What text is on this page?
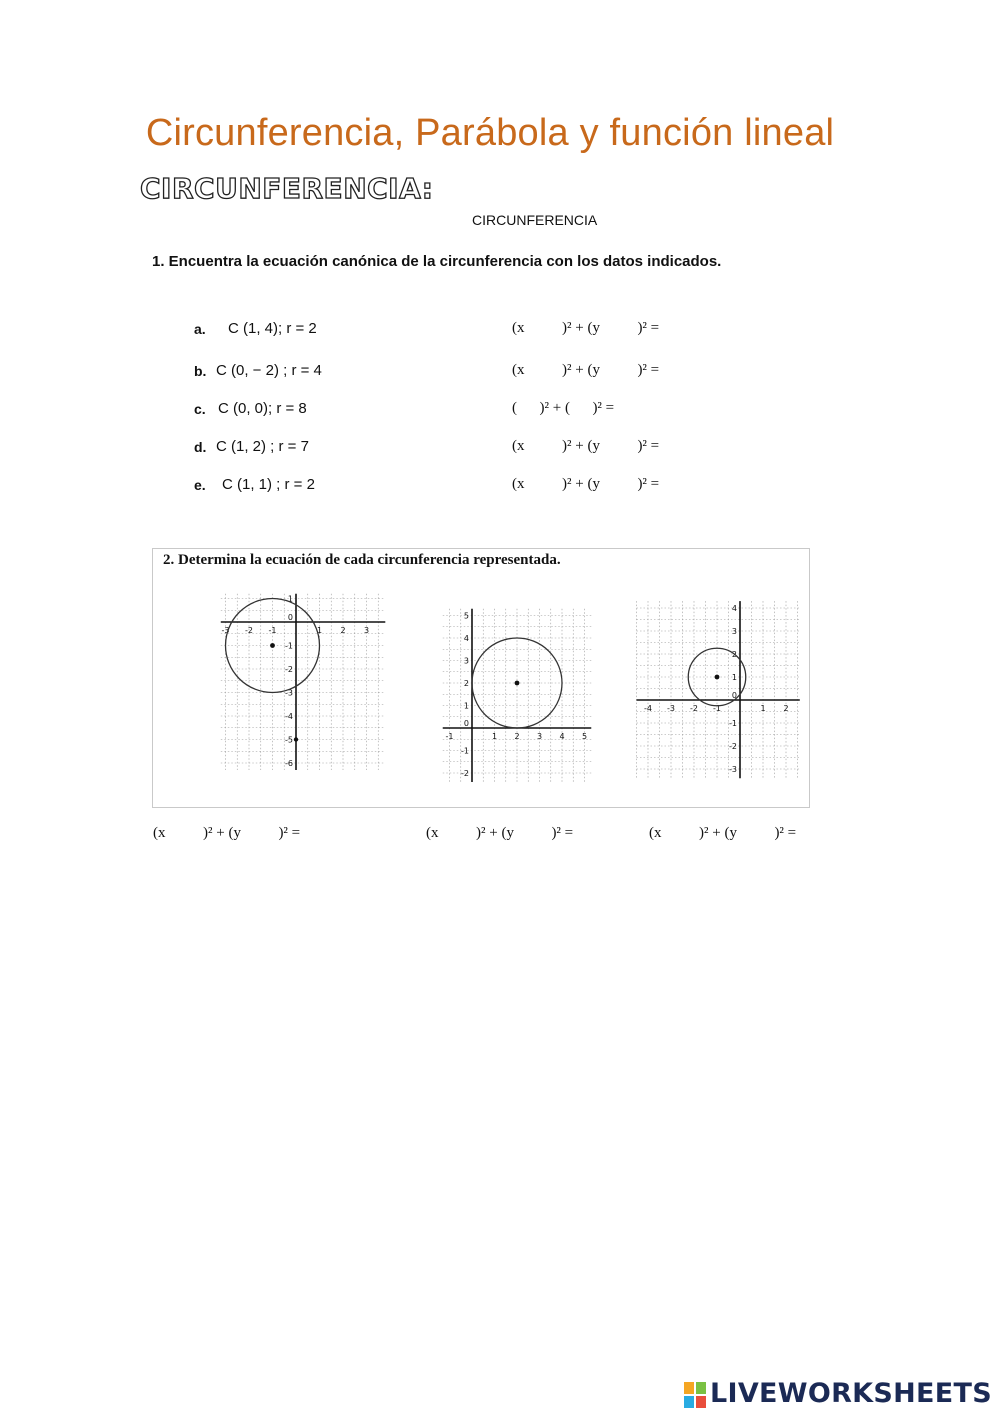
Circunferencia, Parábola y función lineal
CIRCUNFERENCIA:
CIRCUNFERENCIA
1. Encuentra la ecuación canónica de la circunferencia con los datos indicados.
a. C (1, 4); r = 2	(x          )² + (y          )² =
b. C (0, − 2) ; r = 4	(x          )² + (y          )² =
c. C (0, 0); r = 8	(      )² + (      )² =
d. C (1, 2) ; r = 7	(x          )² + (y          )² =
e. C (1, 1) ; r = 2	(x          )² + (y          )² =
2. Determina la ecuación de cada circunferencia representada.
-3 -2 -1	1 2 3
1
0
-1
-2
-3
-4
-5
-6
-1	1 2 3 4 5
5
4
3
2
1
0
-1
-2
-4 -3 -2 -1	1 2
4
3
2
1
0
-1
-2
-3
(x          )² + (y          )² =	(x          )² + (y          )² =	(x          )² + (y          )² =
LIVEWORKSHEETS
